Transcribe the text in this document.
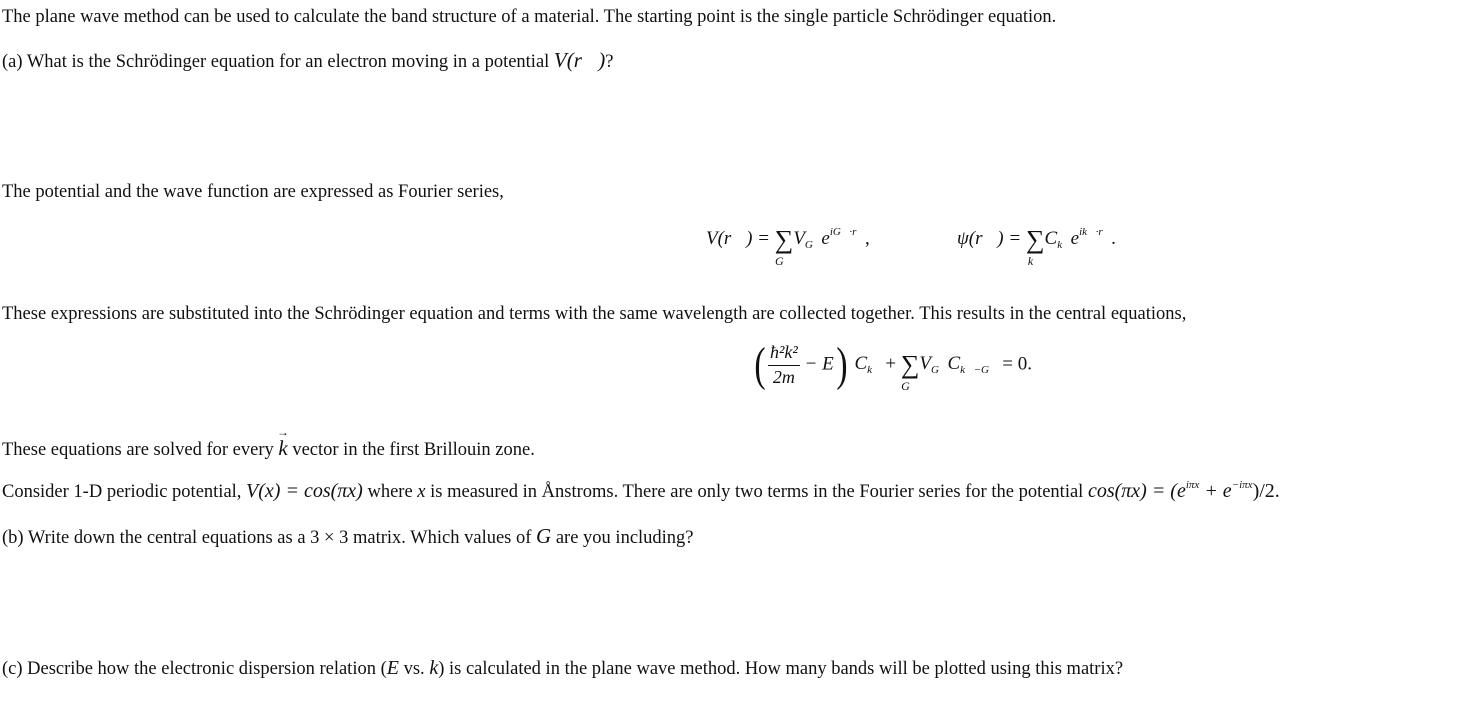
The plane wave method can be used to calculate the band structure of a material. The starting point is the single particle Schrödinger equation.
(a) What is the Schrödinger equation for an electron moving in a potential V(r⃗)?
The potential and the wave function are expressed as Fourier series,
V(r⃗) = ∑
G⃗
$V_{G⃗}e^{iG⃗\cdot r⃗}$,	ψ(r⃗) = ∑
k⃗
$C_{k⃗}e^{ik⃗\cdot r⃗}$.
These expressions are substituted into the Schrödinger equation and terms with the same wavelength are collected together. This results in the central equations,
( $\frac{\text{ħ²k²}}{2m} - E$) $C_{k⃗}$ + ∑
G⃗
$V_{G⃗}C_{k⃗-G⃗} = 0$.
These equations are solved for every → k vector in the first Brillouin zone.
Consider 1-D periodic potential, V(x) = cos(πx) where x is measured in Ånstroms. There are only two terms in the Fourier series for the potential $\cos(\pi x) = (e^{i\pi x} + e^{-i\pi x})/2$.
(b) Write down the central equations as a 3 × 3 matrix. Which values of G are you including?
(c) Describe how the electronic dispersion relation (E vs. k) is calculated in the plane wave method. How many bands will be plotted using this matrix?
